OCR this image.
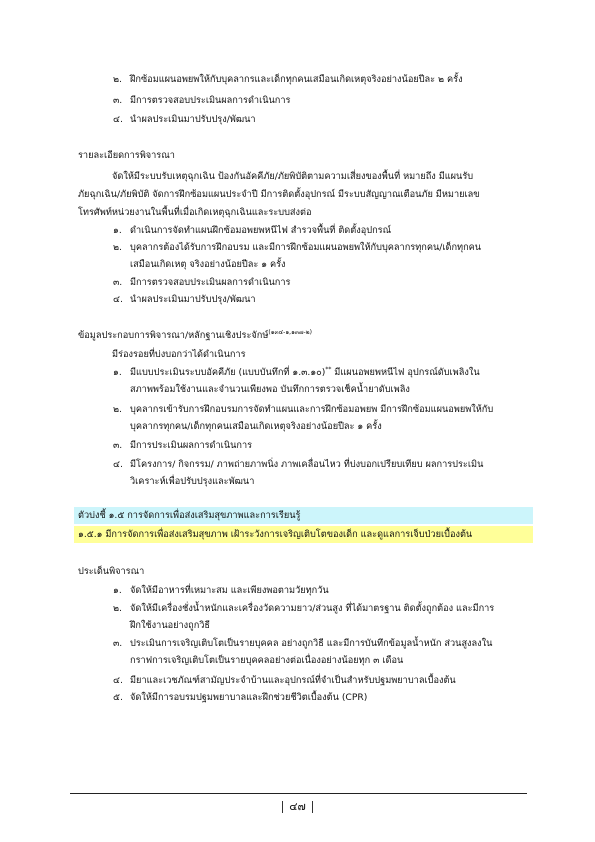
๒. ฝึกซ้อมแผนอพยพให้กับบุคลากรและเด็กทุกคนเสมือนเกิดเหตุจริงอย่างน้อยปีละ ๒ ครั้ง
๓. มีการตรวจสอบประเมินผลการดำเนินการ
๔. นำผลประเมินมาปรับปรุง/พัฒนา
รายละเอียดการพิจารณา
จัดให้มีระบบรับเหตุฉุกเฉิน ป้องกันอัคคีภัย/ภัยพิบัติตามความเสี่ยงของพื้นที่ หมายถึง มีแผนรับ
ภัยฉุกเฉิน/ภัยพิบัติ จัดการฝึกซ้อมแผนประจำปี มีการติดตั้งอุปกรณ์ มีระบบสัญญาณเตือนภัย มีหมายเลข
โทรศัพท์หน่วยงานในพื้นที่เมื่อเกิดเหตุฉุกเฉินและระบบส่งต่อ
๑. ดำเนินการจัดทำแผนฝึกซ้อมอพยพหนีไฟ สำรวจพื้นที่ ติดตั้งอุปกรณ์
๒. บุคลากรต้องได้รับการฝึกอบรม และมีการฝึกซ้อมแผนอพยพให้กับบุคลากรทุกคน/เด็กทุกคน
เสมือนเกิดเหตุ จริงอย่างน้อยปีละ ๑ ครั้ง
๓. มีการตรวจสอบประเมินผลการดำเนินการ
๔. นำผลประเมินมาปรับปรุง/พัฒนา
ข้อมูลประกอบการพิจารณา/หลักฐานเชิงประจักษ์$^{(๑๓๔-๑,๑๓๗-๒)}$
มีร่องรอยที่บ่งบอกว่าได้ดำเนินการ
๑. มีแบบประเมินระบบอัคคีภัย (แบบบันทึกที่ ๑.๓.๑๐)** มีแผนอพยพหนีไฟ อุปกรณ์ดับเพลิงใน
สภาพพร้อมใช้งานและจำนวนเพียงพอ บันทึกการตรวจเช็คน้ำยาดับเพลิง
๒. บุคลากรเข้ารับการฝึกอบรมการจัดทำแผนและการฝึกซ้อมอพยพ มีการฝึกซ้อมแผนอพยพให้กับ
บุคลากรทุกคน/เด็กทุกคนเสมือนเกิดเหตุจริงอย่างน้อยปีละ ๑ ครั้ง
๓. มีการประเมินผลการดำเนินการ
๔. มีโครงการ/ กิจกรรม/ ภาพถ่ายภาพนิ่ง ภาพเคลื่อนไหว ที่บ่งบอกเปรียบเทียบ ผลการประเมิน
วิเคราะห์เพื่อปรับปรุงและพัฒนา
ตัวบ่งชี้ ๑.๕ การจัดการเพื่อส่งเสริมสุขภาพและการเรียนรู้
๑.๕.๑ มีการจัดการเพื่อส่งเสริมสุขภาพ เฝ้าระวังการเจริญเติบโตของเด็ก และดูแลการเจ็บป่วยเบื้องต้น
ประเด็นพิจารณา
๑. จัดให้มีอาหารที่เหมาะสม และเพียงพอตามวัยทุกวัน
๒. จัดให้มีเครื่องชั่งน้ำหนักและเครื่องวัดความยาว/ส่วนสูง ที่ได้มาตรฐาน ติดตั้งถูกต้อง และมีการ
ฝึกใช้งานอย่างถูกวิธี
๓. ประเมินการเจริญเติบโตเป็นรายบุคคล อย่างถูกวิธี และมีการบันทึกข้อมูลน้ำหนัก ส่วนสูงลงใน
กราฟการเจริญเติบโตเป็นรายบุคคลอย่างต่อเนื่องอย่างน้อยทุก ๓ เดือน
๔. มียาและเวชภัณฑ์สามัญประจำบ้านและอุปกรณ์ที่จำเป็นสำหรับปฐมพยาบาลเบื้องต้น
๕. จัดให้มีการอบรมปฐมพยาบาลและฝึกช่วยชีวิตเบื้องต้น (CPR)
๔๗
